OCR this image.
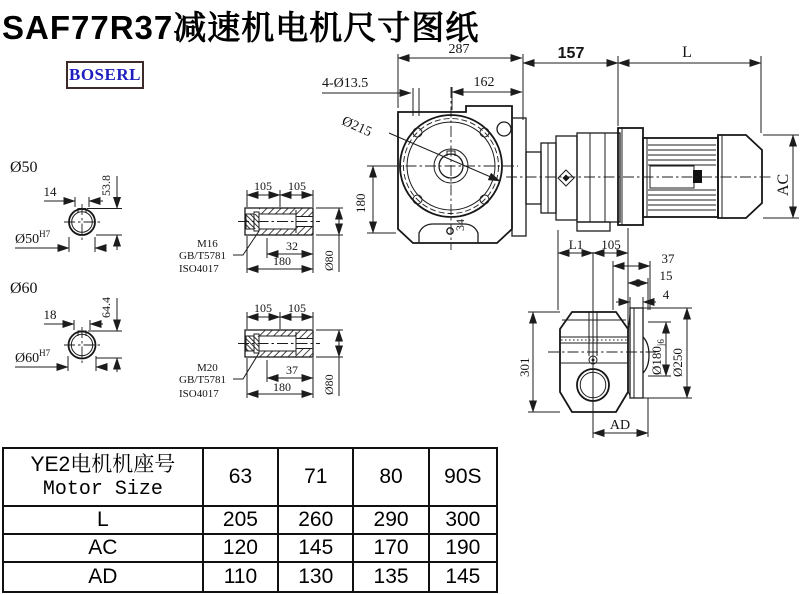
SAF77R37减速机电机尺寸图纸
BOSERL
287
162
4-Ø13.5
157	L
Ø215
180
34
AC
Ø50
14	53.8
$Ø50^{H7}$
Ø60
18	64.4
$Ø60^{H7}$
105 105
32
180	Ø80
M16
GB/T5781
ISO4017
105 105
37
180	Ø80
M20
GB/T5781
ISO4017
L1 105
37
15
4
$Ø180_{j6}$
Ø250
301
AD
YE2电机机座号
Motor Size	63	71	80	90S
L	205	260	290	300
AC	120	145	170	190
AD	110	130	135	145
